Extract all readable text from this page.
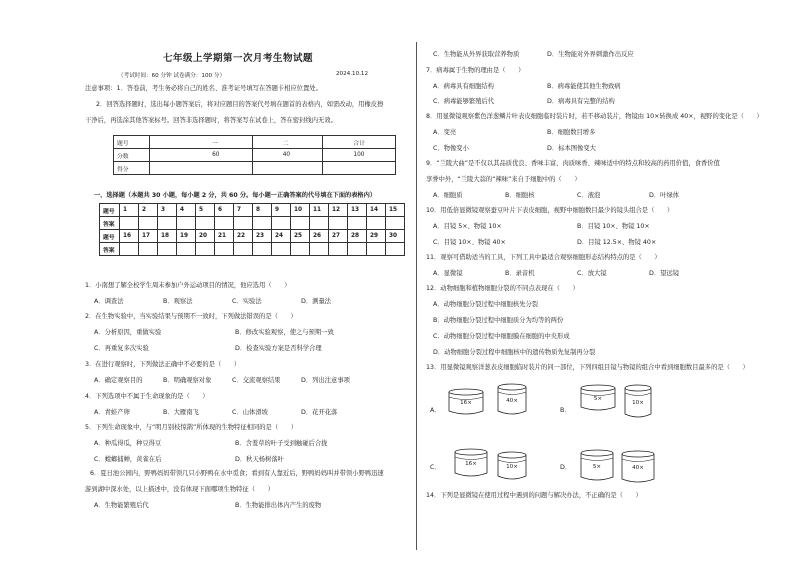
七年级上学期第一次月考生物试题
（考试时间：60 分钟 试卷满分：100 分）	2024.10.12
注意事项：1．答卷前，考生务必将自己的姓名、准考证号填写在答题卡相应位置处。
2．回答选择题时，选出每小题答案后，将对应题目的答案代号填在题首的表格内，如需改动，用橡皮擦
干净后，再选涂其他答案标号。回答非选择题时，将答案写在试卷上，答在密封线内无效。
题号	一	二	合计
分数	60	40	100
得分			
一、选择题（本题共 30 小题，每小题 2 分，共 60 分。每小题一正确答案的代号填在下面的表格内）
题号	1	2	3	4	5	6	7	8	9	10	11	12	13	14	15
答案															
题号	16	17	18	19	20	21	22	23	24	25	26	27	28	29	30
答案															
1．小南想了解全校学生周末参加户外运动项目的情况，他应选用（　　）
A．调查法	B．观察法	C．实验法	D．测量法
2．在生物实验中，当实验结果与预期不一致时，下列做法错误的是（　　）
A．分析原因，重做实验	B．修改实验观察，使之与预期一致
C．再重复多次实验	D．检查实验方案是否科学合理
3．在进行观察时，下列做法正确中不必要的是（　　）
A．确定观察目的	B．明确观察对象	C．交流观察结果	D．列出注意事项
4．下列选项中不属于生命现象的是（　　）
A．青蛙产卵	B．大雁南飞	C．山体滑坡	D．花开花落
5．下列生命现象中，与“明月别枝惊鹊”所体现的生物特征相同的是（　　）
A．种瓜得瓜，种豆得豆	B．含羞草的叶子受到触碰后合拢
C．螳螂捕蝉，黄雀在后	D．秋天杨树落叶
6．夏日池公园内，野鸭妈妈带领几只小野鸭在水中觅食；看到有人靠近后，野鸭妈妈叫并带领小野鸭迅速
游到湖中深水处，以上描述中，没有体现下面哪项生物特征（　　）
A．生物能繁殖后代	B．生物能排出体内产生的废物
C．生物能从外界获取营养物质	D．生物能对外界刺激作出反应
7．病毒属于生物的理由是（　　）
A．病毒具有细胞结构	B．病毒能使其他生物致病
C．病毒能够繁殖后代	D．病毒具有完整的结构
8．用显微镜观察紫色洋葱鳞片叶表皮细胞临时装片时，若不移动装片，物镜由 10×转换成 40×，视野的变化是（　　）
A．变亮	B．细胞数目增多
C．物像变小	D．标本图像变大
9．“兰陵大曲”是不仅以其品质优良、香味丰富、肉质味香、辣味适中的特点和较高的药用价值，食香价值
享誉中外，“兰陵大蒜的“辣味”来自于细胞中的（　　）
A．细胞质	B．细胞核	C．液泡	D．叶绿体
10．用低倍显微镜观察蚕豆叶片下表皮细胞，视野中细胞数目最少的镜头组合是（　　）
A．目镜 5×、物镜 10×	B．目镜 10×、物镜 10×
C．目镜 10×、物镜 40×	D．目镜 12.5×、物镜 40×
11．观察可借助适当的工具，下列工具中最适合观察细胞形态结构特点的是（　　）
A．显微镜	B．录音机	C．放大镜	D．望远镜
12．动物细胞和植物细胞分裂的不同点表现在（　　）
A．动物细胞分裂过程中细胞核先分裂
B．动物细胞分裂过程中细胞质分为均等的两份
C．动物细胞分裂过程中细胞膜在细胞的中央形成
D．动物细胞分裂过程中细胞核中的遗传物质先复制再分裂
13．用显微镜观察洋葱表皮细胞临时装片的同一部位，下列四组目镜与物镜的组合中看到细胞数目最多的是（　　）
14．下列是显微镜在使用过程中遇到的问题与解决办法，不正确的是（　　）
A．	B．
C．	D．
16×	40×	5×
10×
16×	10×	5×	40×
